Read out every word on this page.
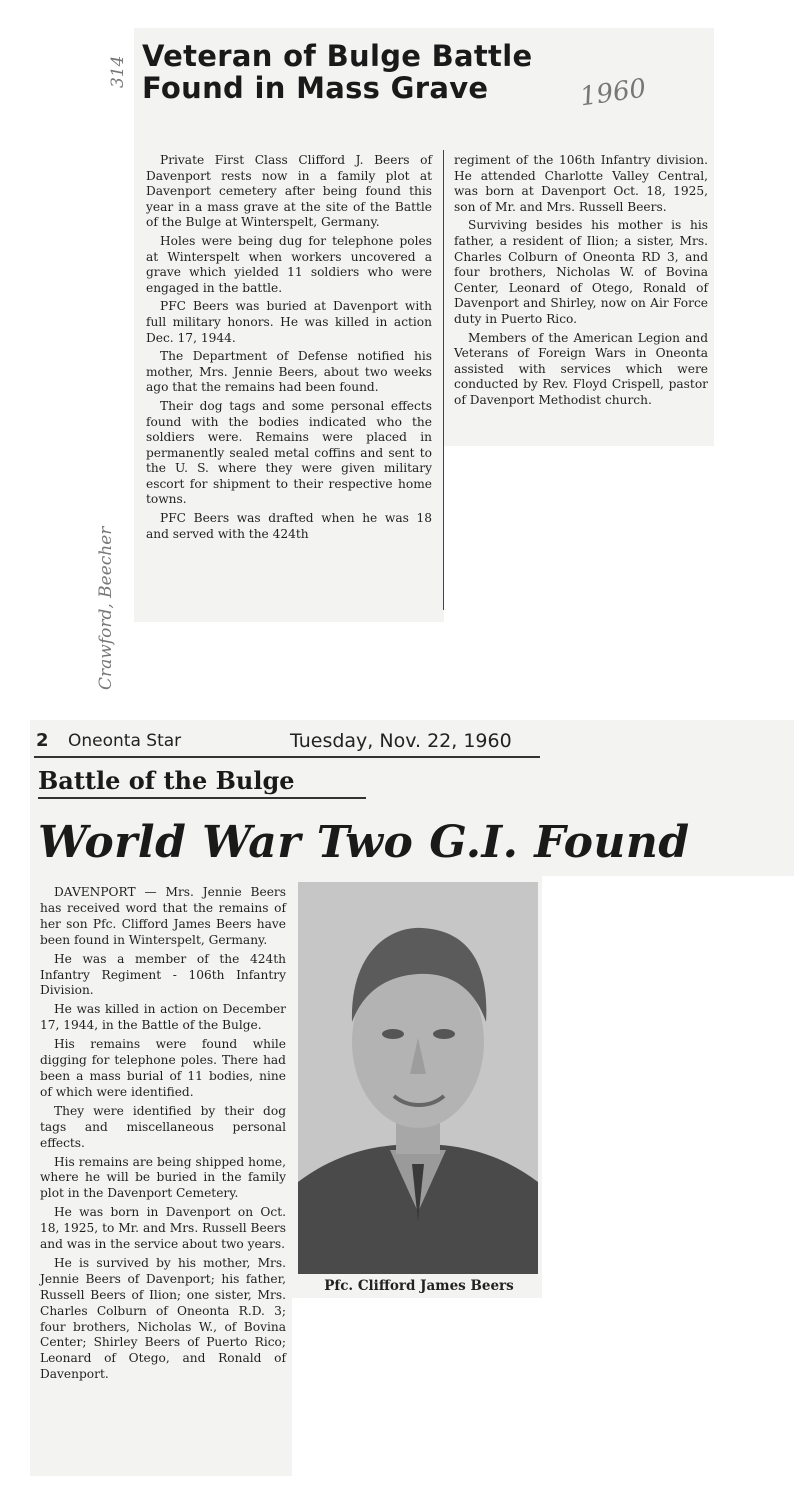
314
1960
Crawford, Beecher
Veteran of Bulge Battle
Found in Mass Grave

Private First Class Clifford J. Beers of Davenport rests now in a family plot at Davenport cemetery after being found this year in a mass grave at the site of the Battle of the Bulge at Winterspelt, Germany.

Holes were being dug for telephone poles at Winterspelt when workers uncovered a grave which yielded 11 soldiers who were engaged in the battle.

PFC Beers was buried at Davenport with full military honors. He was killed in action Dec. 17, 1944.

The Department of Defense notified his mother, Mrs. Jennie Beers, about two weeks ago that the remains had been found.

Their dog tags and some personal effects found with the bodies indicated who the soldiers were. Remains were placed in permanently sealed metal coffins and sent to the U. S. where they were given military escort for shipment to their respective home towns.

PFC Beers was drafted when he was 18 and served with the 424th

regiment of the 106th Infantry division. He attended Charlotte Valley Central, was born at Davenport Oct. 18, 1925, son of Mr. and Mrs. Russell Beers.

Surviving besides his mother is his father, a resident of Ilion; a sister, Mrs. Charles Colburn of Oneonta RD 3, and four brothers, Nicholas W. of Bovina Center, Leonard of Otego, Ronald of Davenport and Shirley, now on Air Force duty in Puerto Rico.

Members of the American Legion and Veterans of Foreign Wars in Oneonta assisted with services which were conducted by Rev. Floyd Crispell, pastor of Davenport Methodist church.

2 Oneonta Star	Tuesday, Nov. 22, 1960
Battle of the Bulge
World War Two G.I. Found

DAVENPORT — Mrs. Jennie Beers has received word that the remains of her son Pfc. Clifford James Beers have been found in Winterspelt, Germany.

He was a member of the 424th Infantry Regiment - 106th Infantry Division.

He was killed in action on December 17, 1944, in the Battle of the Bulge.

His remains were found while digging for telephone poles. There had been a mass burial of 11 bodies, nine of which were identified.

They were identified by their dog tags and miscellaneous personal effects.

His remains are being shipped home, where he will be buried in the family plot in the Davenport Cemetery.

He was born in Davenport on Oct. 18, 1925, to Mr. and Mrs. Russell Beers and was in the service about two years.

He is survived by his mother, Mrs. Jennie Beers of Davenport; his father, Russell Beers of Ilion; one sister, Mrs. Charles Colburn of Oneonta R.D. 3; four brothers, Nicholas W., of Bovina Center; Shirley Beers of Puerto Rico; Leonard of Otego, and Ronald of Davenport.

Pfc. Clifford James Beers
